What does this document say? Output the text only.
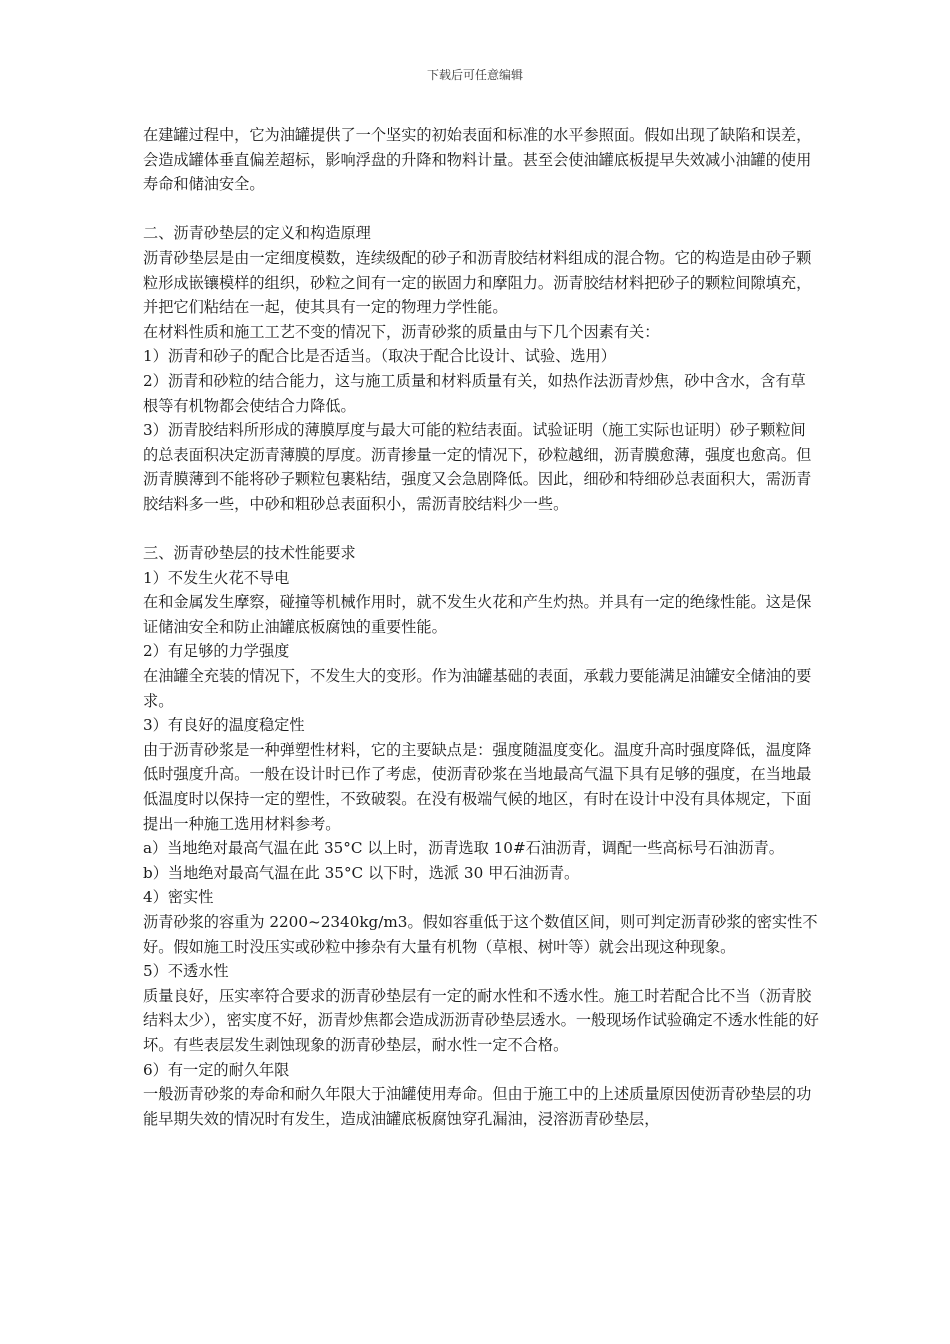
下载后可任意编辑

在建罐过程中，它为油罐提供了一个坚实的初始表面和标准的水平参照面。假如出现了缺陷和误差，会造成罐体垂直偏差超标，影响浮盘的升降和物料计量。甚至会使油罐底板提早失效减小油罐的使用寿命和储油安全。

二、沥青砂垫层的定义和构造原理

沥青砂垫层是由一定细度模数，连续级配的砂子和沥青胶结材料组成的混合物。它的构造是由砂子颗粒形成嵌镶模样的组织，砂粒之间有一定的嵌固力和摩阻力。沥青胶结材料把砂子的颗粒间隙填充，并把它们粘结在一起，使其具有一定的物理力学性能。

在材料性质和施工工艺不变的情况下，沥青砂浆的质量由与下几个因素有关：

1）沥青和砂子的配合比是否适当。（取决于配合比设计、试验、选用）

2）沥青和砂粒的结合能力，这与施工质量和材料质量有关，如热作法沥青炒焦，砂中含水，含有草根等有机物都会使结合力降低。

3）沥青胶结料所形成的薄膜厚度与最大可能的粒结表面。试验证明（施工实际也证明）砂子颗粒间的总表面积决定沥青薄膜的厚度。沥青掺量一定的情况下，砂粒越细，沥青膜愈薄，强度也愈高。但沥青膜薄到不能将砂子颗粒包裹粘结，强度又会急剧降低。因此，细砂和特细砂总表面积大，需沥青胶结料多一些，中砂和粗砂总表面积小，需沥青胶结料少一些。

三、沥青砂垫层的技术性能要求

1）不发生火花不导电

在和金属发生摩察，碰撞等机械作用时，就不发生火花和产生灼热。并具有一定的绝缘性能。这是保证储油安全和防止油罐底板腐蚀的重要性能。

2）有足够的力学强度

在油罐全充装的情况下，不发生大的变形。作为油罐基础的表面，承载力要能满足油罐安全储油的要求。

3）有良好的温度稳定性

由于沥青砂浆是一种弹塑性材料，它的主要缺点是：强度随温度变化。温度升高时强度降低，温度降低时强度升高。一般在设计时已作了考虑，使沥青砂浆在当地最高气温下具有足够的强度，在当地最低温度时以保持一定的塑性，不致破裂。在没有极端气候的地区，有时在设计中没有具体规定，下面提出一种施工选用材料参考。

a）当地绝对最高气温在此 35°C 以上时，沥青选取 10#石油沥青，调配一些高标号石油沥青。

b）当地绝对最高气温在此 35°C 以下时，选派 30 甲石油沥青。

4）密实性

沥青砂浆的容重为 2200~2340kg/m3。假如容重低于这个数值区间，则可判定沥青砂浆的密实性不好。假如施工时没压实或砂粒中掺杂有大量有机物（草根、树叶等）就会出现这种现象。

5）不透水性

质量良好，压实率符合要求的沥青砂垫层有一定的耐水性和不透水性。施工时若配合比不当（沥青胶结料太少），密实度不好，沥青炒焦都会造成沥沥青砂垫层透水。一般现场作试验确定不透水性能的好坏。有些表层发生剥蚀现象的沥青砂垫层，耐水性一定不合格。

6）有一定的耐久年限

一般沥青砂浆的寿命和耐久年限大于油罐使用寿命。但由于施工中的上述质量原因使沥青砂垫层的功能早期失效的情况时有发生，造成油罐底板腐蚀穿孔漏油，浸溶沥青砂垫层，
